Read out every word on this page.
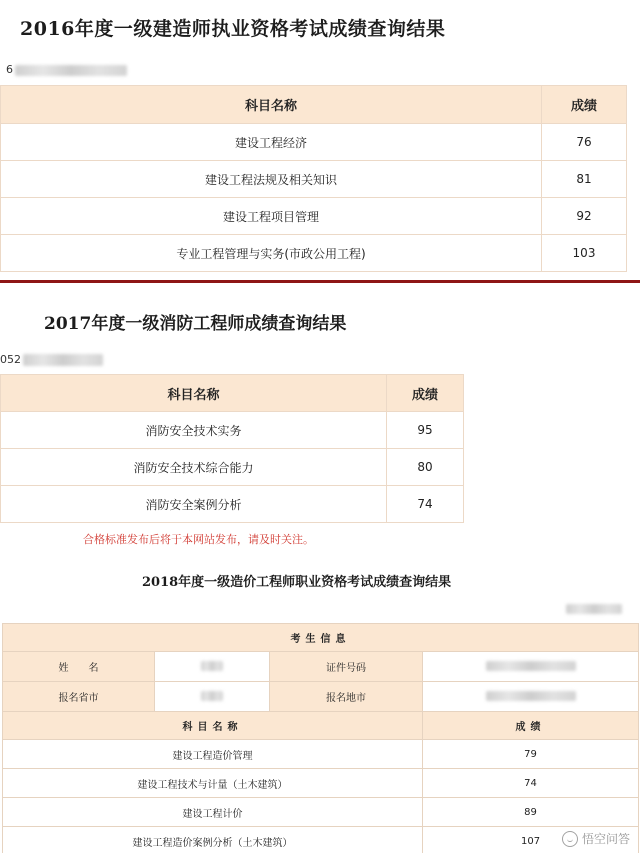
2016年度一级建造师执业资格考试成绩查询结果
6
科目名称	成绩
建设工程经济	76
建设工程法规及相关知识	81
建设工程项目管理	92
专业工程管理与实务(市政公用工程)	103
2017年度一级消防工程师成绩查询结果
052
科目名称	成绩
消防安全技术实务	95
消防安全技术综合能力	80
消防安全案例分析	74
合格标准发布后将于本网站发布，请及时关注。
2018年度一级造价工程师职业资格考试成绩查询结果
考生信息			
姓　　名		证件号码	
报名省市		报名地市	
科目名称			成绩
建设工程造价管理			79
建设工程技术与计量（土木建筑）			74
建设工程计价			89
建设工程造价案例分析（土木建筑）			107	悟空问答
